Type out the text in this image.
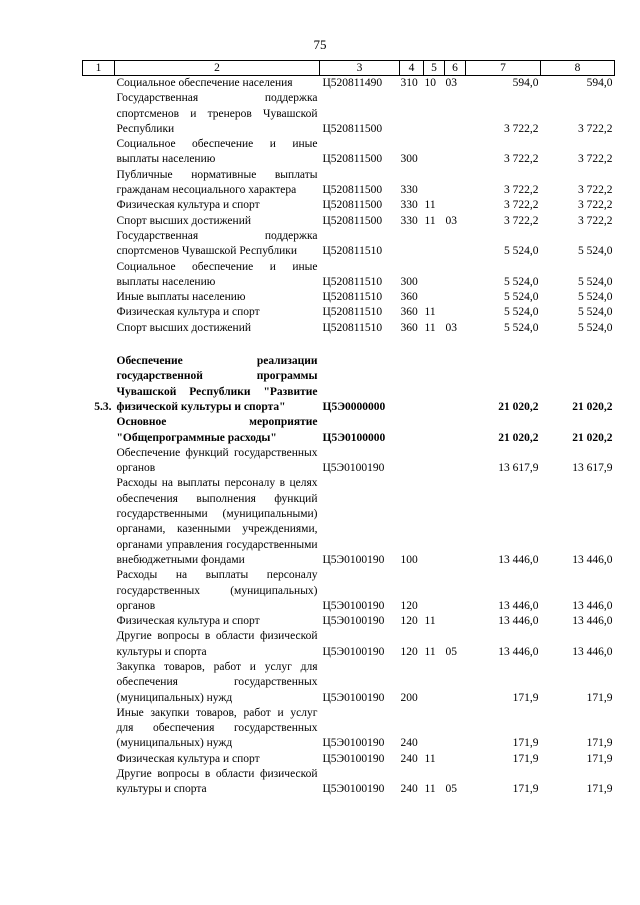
75
1	2	3	4	5	6	7	8
	Социальное обеспечение населения	Ц520811490	310	10	03	594,0	594,0
	Государственная поддержка спортсменов и тренеров Чувашской Республики	Ц520811500				3 722,2	3 722,2
	Социальное обеспечение и иные выплаты населению	Ц520811500	300			3 722,2	3 722,2
	Публичные нормативные выплаты гражданам несоциального характера	Ц520811500	330			3 722,2	3 722,2
	Физическая культура и спорт	Ц520811500	330	11		3 722,2	3 722,2
	Спорт высших достижений	Ц520811500	330	11	03	3 722,2	3 722,2
	Государственная поддержка спортсменов Чувашской Республики	Ц520811510				5 524,0	5 524,0
	Социальное обеспечение и иные выплаты населению	Ц520811510	300			5 524,0	5 524,0
	Иные выплаты населению	Ц520811510	360			5 524,0	5 524,0
	Физическая культура и спорт	Ц520811510	360	11		5 524,0	5 524,0
	Спорт высших достижений	Ц520811510	360	11	03	5 524,0	5 524,0

5.3.	Обеспечение реализации государственной программы Чувашской Республики "Развитие физической культуры и спорта"	Ц5Э0000000				21 020,2	21 020,2
	Основное мероприятие "Общепрограммные расходы"	Ц5Э0100000				21 020,2	21 020,2
	Обеспечение функций государственных органов	Ц5Э0100190				13 617,9	13 617,9
	Расходы на выплаты персоналу в целях обеспечения выполнения функций государственными (муниципальными) органами, казенными учреждениями, органами управления государственными внебюджетными фондами	Ц5Э0100190	100			13 446,0	13 446,0
	Расходы на выплаты персоналу государственных (муниципальных) органов	Ц5Э0100190	120			13 446,0	13 446,0
	Физическая культура и спорт	Ц5Э0100190	120	11		13 446,0	13 446,0
	Другие вопросы в области физической культуры и спорта	Ц5Э0100190	120	11	05	13 446,0	13 446,0
	Закупка товаров, работ и услуг для обеспечения государственных (муниципальных) нужд	Ц5Э0100190	200			171,9	171,9
	Иные закупки товаров, работ и услуг для обеспечения государственных (муниципальных) нужд	Ц5Э0100190	240			171,9	171,9
	Физическая культура и спорт	Ц5Э0100190	240	11		171,9	171,9
	Другие вопросы в области физической культуры и спорта	Ц5Э0100190	240	11	05	171,9	171,9
